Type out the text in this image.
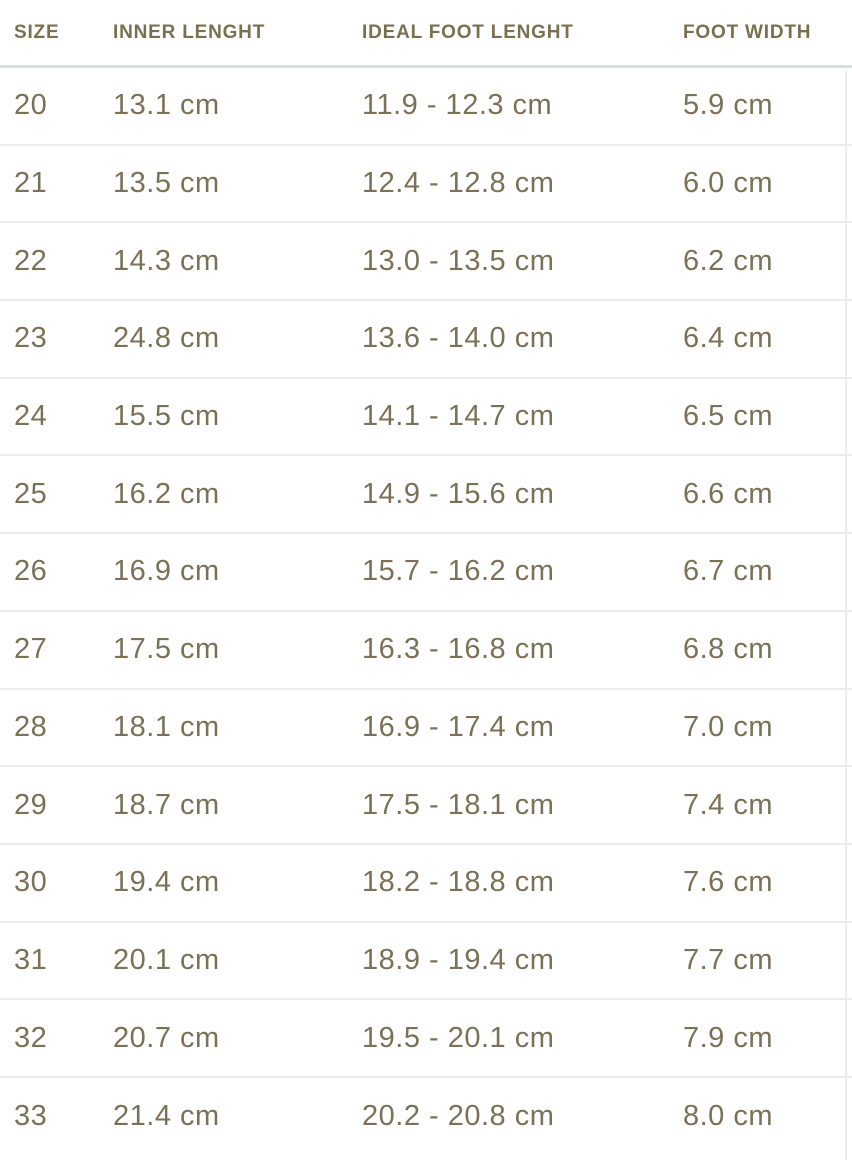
SIZE	INNER LENGHT	IDEAL FOOT LENGHT	FOOT WIDTH
20	13.1 cm	11.9 - 12.3 cm	5.9 cm
21	13.5 cm	12.4 - 12.8 cm	6.0 cm
22	14.3 cm	13.0 - 13.5 cm	6.2 cm
23	24.8 cm	13.6 - 14.0 cm	6.4 cm
24	15.5 cm	14.1 - 14.7 cm	6.5 cm
25	16.2 cm	14.9 - 15.6 cm	6.6 cm
26	16.9 cm	15.7 - 16.2 cm	6.7 cm
27	17.5 cm	16.3 - 16.8 cm	6.8 cm
28	18.1 cm	16.9 - 17.4 cm	7.0 cm
29	18.7 cm	17.5 - 18.1 cm	7.4 cm
30	19.4 cm	18.2 - 18.8 cm	7.6 cm
31	20.1 cm	18.9 - 19.4 cm	7.7 cm
32	20.7 cm	19.5 - 20.1 cm	7.9 cm
33	21.4 cm	20.2 - 20.8 cm	8.0 cm
